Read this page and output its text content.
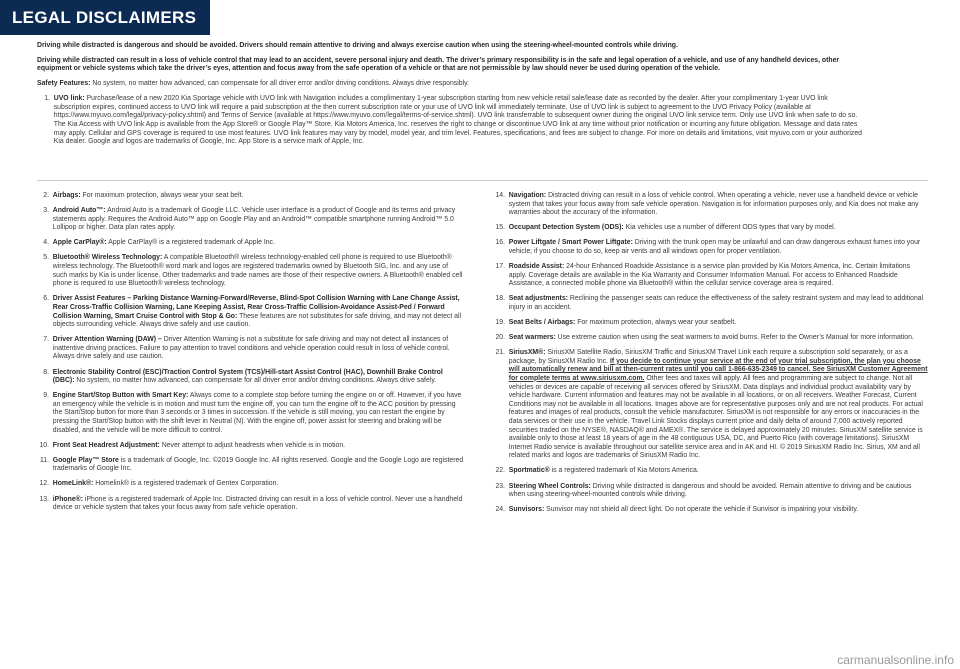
LEGAL DISCLAIMERS

Driving while distracted is dangerous and should be avoided. Drivers should remain attentive to driving and always exercise caution when using the steering-wheel-mounted controls while driving.

Driving while distracted can result in a loss of vehicle control that may lead to an accident, severe personal injury and death. The driver’s primary responsibility is in the safe and legal operation of a vehicle, and use of any handheld devices, other equipment or vehicle systems which take the driver’s eyes, attention and focus away from the safe operation of a vehicle or that are not permissible by law should never be used during operation of the vehicle.

Safety Features: No system, no matter how advanced, can compensate for all driver error and/or driving conditions. Always drive responsibly.

1. UVO link: Purchase/lease of a new 2020 Kia Sportage vehicle with UVO link with Navigation includes a complimentary 1-year subscription starting from new vehicle retail sale/lease date as recorded by the dealer. After your complimentary 1-year UVO link subscription expires, continued access to UVO link will require a paid subscription at the then current subscription rate or your use of UVO link will immediately terminate. Use of UVO link is subject to agreement to the UVO Privacy Policy (available at https://www.myuvo.com/legal/privacy-policy.shtml) and Terms of Service (available at https://www.myuvo.com/legal/terms-of-service.shtml). UVO link transferrable to subsequent owner during the original UVO link service term. Only use UVO link when safe to do so. The Kia Access with UVO link App is available from the App Store® or Google Play™ Store. Kia Motors America, Inc. reserves the right to change or discontinue UVO link at any time without prior notification or incurring any future obligation. Message and data rates may apply. Cellular and GPS coverage is required to use most features. UVO link features may vary by model, model year, and trim level. Features, specifications, and fees are subject to change. For more on details and limitations, visit myuvo.com or your authorized Kia dealer. Google and logos are trademarks of Google, Inc. App Store is a service mark of Apple, Inc.
2. Airbags: For maximum protection, always wear your seat belt.
3. Android Auto™: Android Auto is a trademark of Google LLC. Vehicle user interface is a product of Google and its terms and privacy statements apply. Requires the Android Auto™ app on Google Play and an Android™ compatible smartphone running Android™ 5.0 Lollipop or higher. Data plan rates apply.
4. Apple CarPlay®: Apple CarPlay® is a registered trademark of Apple Inc.
5. Bluetooth® Wireless Technology: A compatible Bluetooth® wireless technology-enabled cell phone is required to use Bluetooth® wireless technology. The Bluetooth® word mark and logos are registered trademarks owned by Bluetooth SIG, Inc. and any use of such marks by Kia is under license. Other trademarks and trade names are those of their respective owners. A Bluetooth® enabled cell phone is required to use Bluetooth® wireless technology.
6. Driver Assist Features – Parking Distance Warning-Forward/Reverse, Blind-Spot Collision Warning with Lane Change Assist, Rear Cross-Traffic Collision Warning, Lane Keeping Assist, Rear Cross-Traffic Collision-Avoidance Assist-Ped / Forward Collision Warning, Smart Cruise Control with Stop & Go: These features are not substitutes for safe driving, and may not detect all objects surrounding vehicle. Always drive safely and use caution.
7. Driver Attention Warning (DAW) – Driver Attention Warning is not a substitute for safe driving and may not detect all instances of inattentive driving practices. Failure to pay attention to travel conditions and vehicle operation could result in loss of vehicle control. Always drive safely and use caution.
8. Electronic Stability Control (ESC)/Traction Control System (TCS)/Hill-start Assist Control (HAC), Downhill Brake Control (DBC): No system, no matter how advanced, can compensate for all driver error and/or driving conditions. Always drive safely.
9. Engine Start/Stop Button with Smart Key: Always come to a complete stop before turning the engine on or off. However, if you have an emergency while the vehicle is in motion and must turn the engine off, you can turn the engine off to the ACC position by pressing the Start/Stop button for more than 3 seconds or 3 times in succession. If the vehicle is still moving, you can restart the engine by pressing the Start/Stop button with the shift lever in Neutral (N). With the engine off, power assist for steering and braking will be disabled, and the vehicle will be more difficult to control.
10. Front Seat Headrest Adjustment: Never attempt to adjust headrests when vehicle is in motion.
11. Google Play™ Store is a trademark of Google, Inc. ©2019 Google Inc. All rights reserved. Google and the Google Logo are registered trademarks of Google Inc.
12. HomeLink®: Homelink® is a registered trademark of Gentex Corporation.
13. iPhone®: iPhone is a registered trademark of Apple Inc. Distracted driving can result in a loss of vehicle control. Never use a handheld device or vehicle system that takes your focus away from safe vehicle operation.
14. Navigation: Distracted driving can result in a loss of vehicle control. When operating a vehicle, never use a handheld device or vehicle system that takes your focus away from safe vehicle operation. Navigation is for information purposes only, and Kia does not make any warranties about the accuracy of the information.
15. Occupant Detection System (ODS): Kia vehicles use a number of different ODS types that vary by model.
16. Power Liftgate / Smart Power Liftgate: Driving with the trunk open may be unlawful and can draw dangerous exhaust fumes into your vehicle; if you choose to do so, keep air vents and all windows open for proper ventilation.
17. Roadside Assist: 24-hour Enhanced Roadside Assistance is a service plan provided by Kia Motors America, Inc. Certain limitations apply. Coverage details are available in the Kia Warranty and Consumer Information Manual. For access to Enhanced Roadside Assistance, a connected mobile phone via Bluetooth® within the cellular service coverage area is required.
18. Seat adjustments: Reclining the passenger seats can reduce the effectiveness of the safety restraint system and may lead to additional injury in an accident.
19. Seat Belts / Airbags: For maximum protection, always wear your seatbelt.
20. Seat warmers: Use extreme caution when using the seat warmers to avoid burns. Refer to the Owner’s Manual for more information.
21. SiriusXM®: SiriusXM Satellite Radio, SiriusXM Traffic and SiriusXM Travel Link each require a subscription sold separately, or as a package, by SiriusXM Radio Inc. If you decide to continue your service at the end of your trial subscription, the plan you choose will automatically renew and bill at then-current rates until you call 1-866-635-2349 to cancel. See SiriusXM Customer Agreement for complete terms at www.siriusxm.com. Other fees and taxes will apply. All fees and programming are subject to change. Not all vehicles or devices are capable of receiving all services offered by SiriusXM. Data displays and individual product availability vary by vehicle hardware. Current information and features may not be available in all locations, or on all receivers. Weather Forecast, Current Conditions may not be available in all locations. Images above are for representative purposes only and are not real products. For actual features and images of real products, consult the vehicle manufacturer. SiriusXM is not responsible for any errors or inaccuracies in the data services or their use in the vehicle. Travel Link Stocks displays current price and daily delta of around 7,000 actively reported securities traded on the NYSE®, NASDAQ® and AMEX®. The service is delayed approximately 20 minutes. SiriusXM satellite service is available only to those at least 18 years of age in the 48 contiguous USA, DC, and Puerto Rico (with coverage limitations). SiriusXM Internet Radio service is available throughout our satellite service area and in AK and HI. © 2019 SiriusXM Radio Inc. Sirius, XM and all related marks and logos are trademarks of SiriusXM Radio Inc.
22. Sportmatic® is a registered trademark of Kia Motors America.
23. Steering Wheel Controls: Driving while distracted is dangerous and should be avoided. Remain attentive to driving and be cautious when using steering-wheel-mounted controls while driving.
24. Sunvisors: Sunvisor may not shield all direct light. Do not operate the vehicle if Sunvisor is impairing your visibility.
carmanualsonline.info
